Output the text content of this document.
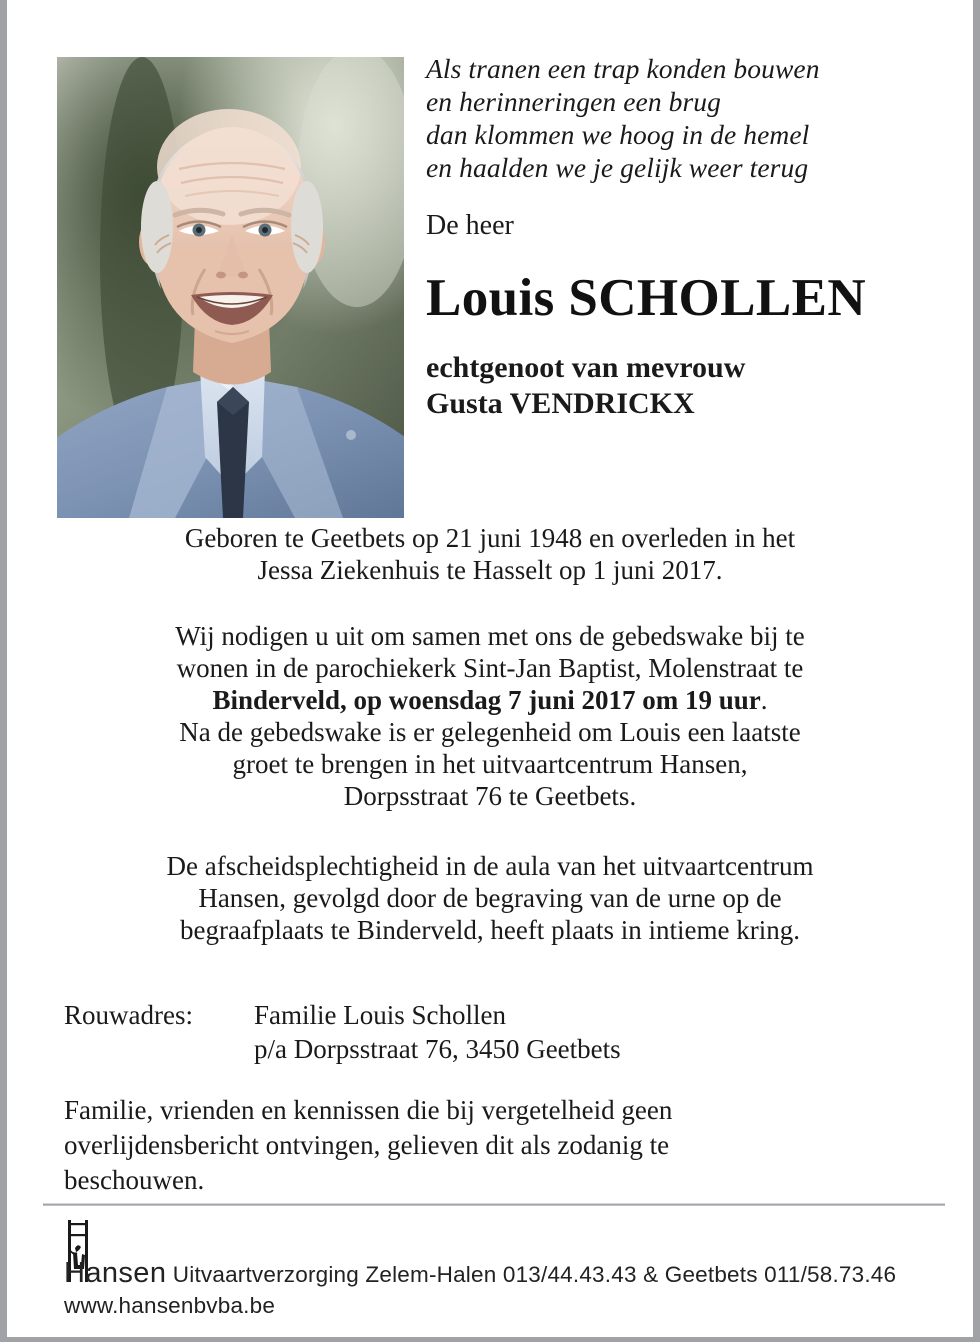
Als tranen een trap konden bouwen
en herinneringen een brug
dan klommen we hoog in de hemel
en haalden we je gelijk weer terug
De heer
Louis SCHOLLEN
echtgenoot van mevrouw
Gusta VENDRICKX
Geboren te Geetbets op 21 juni 1948 en overleden in het
Jessa Ziekenhuis te Hasselt op 1 juni 2017.
Wij nodigen u uit om samen met ons de gebedswake bij te
wonen in de parochiekerk Sint-Jan Baptist, Molenstraat te
Binderveld, op woensdag 7 juni 2017 om 19 uur.
Na de gebedswake is er gelegenheid om Louis een laatste
groet te brengen in het uitvaartcentrum Hansen,
Dorpsstraat 76 te Geetbets.
De afscheidsplechtigheid in de aula van het uitvaartcentrum
Hansen, gevolgd door de begraving van de urne op de
begraafplaats te Binderveld, heeft plaats in intieme kring.
Rouwadres: Familie Louis Schollen
p/a Dorpsstraat 76, 3450 Geetbets
Familie, vrienden en kennissen die bij vergetelheid geen
overlijdensbericht ontvingen, gelieven dit als zodanig te
beschouwen.
Hansen Uitvaartverzorging Zelem-Halen 013/44.43.43 & Geetbets 011/58.73.46
www.hansenbvba.be
